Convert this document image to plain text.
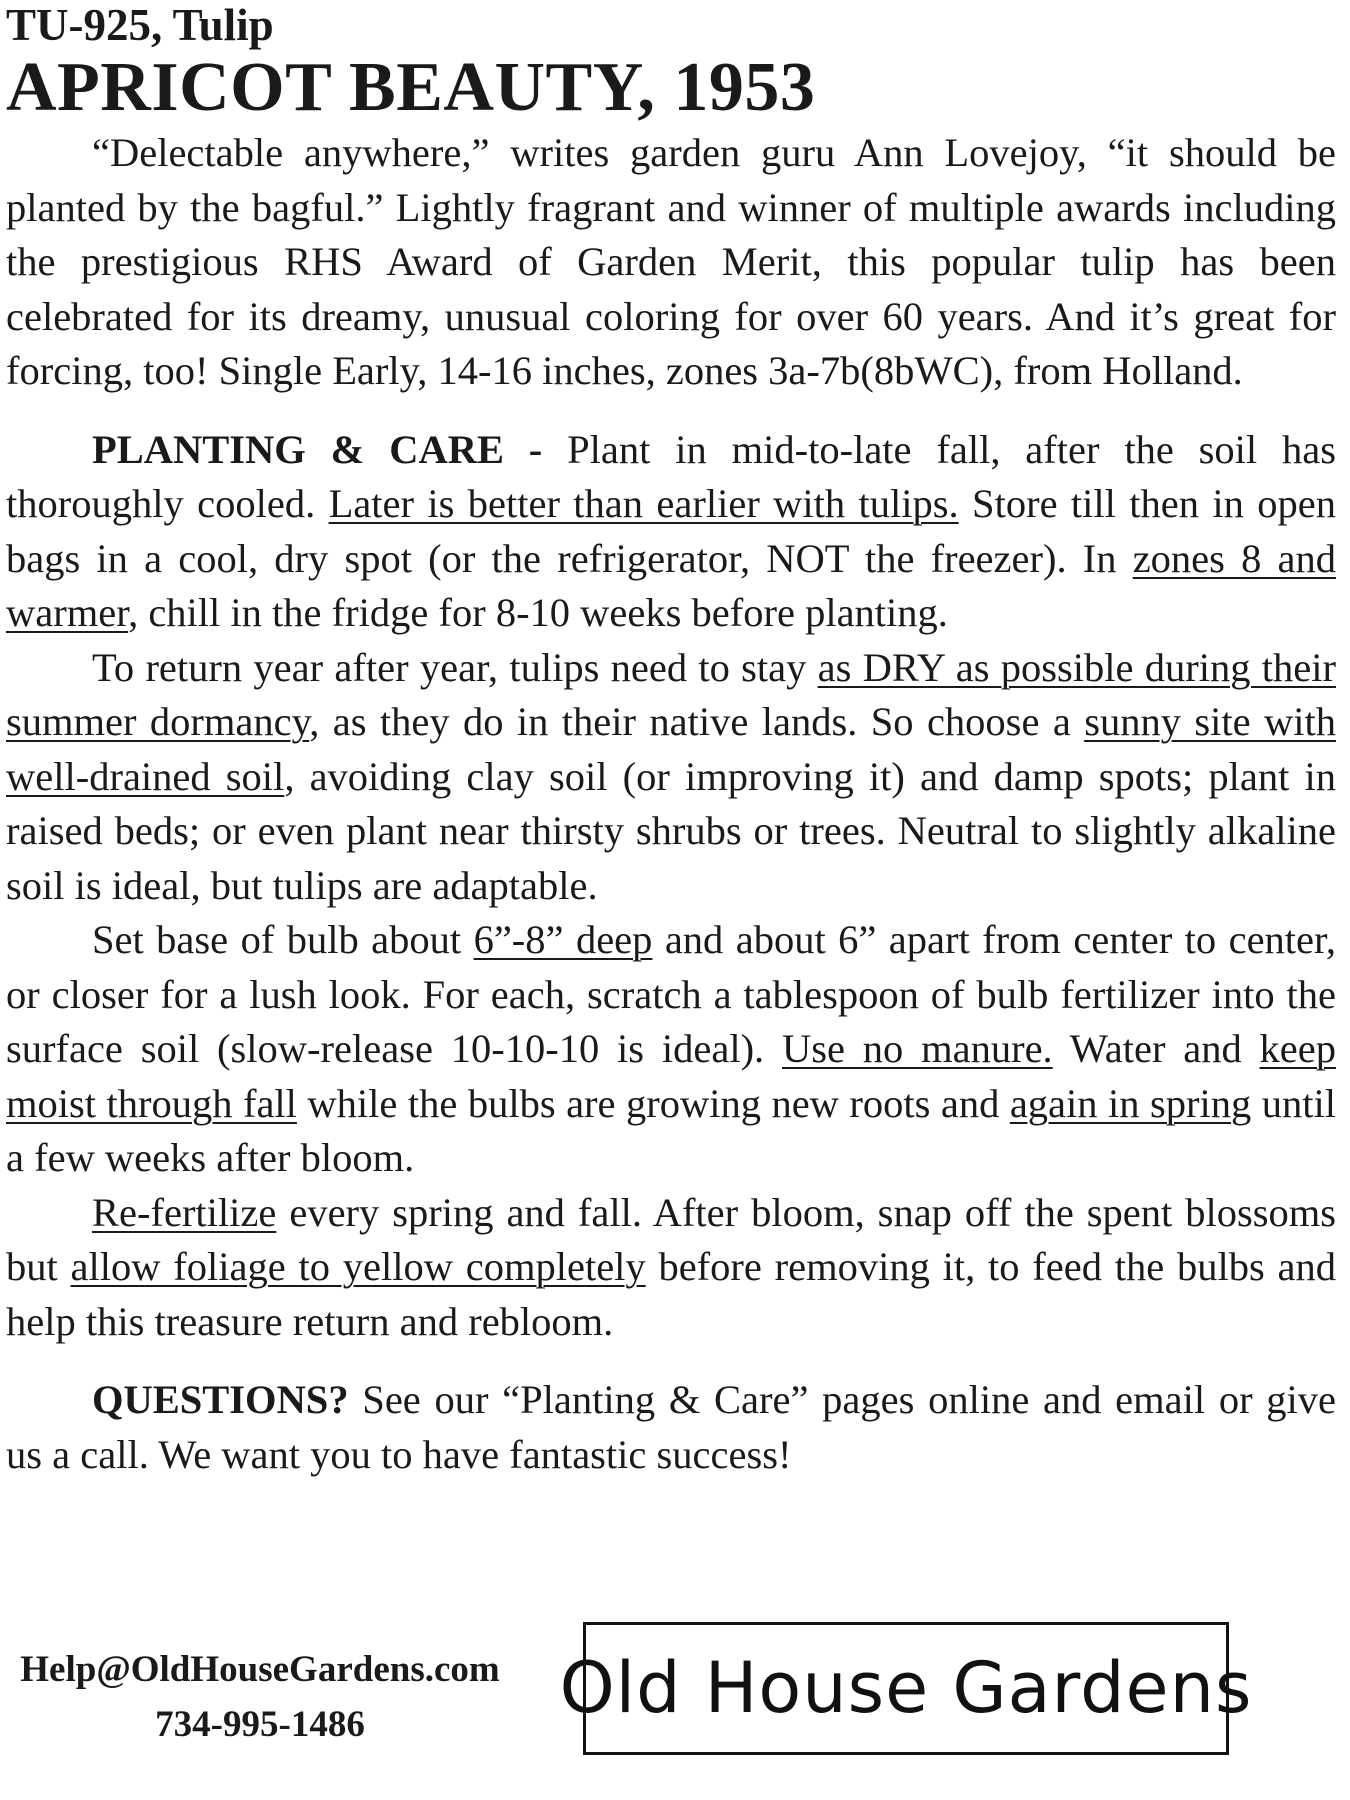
TU-925, Tulip

APRICOT BEAUTY, 1953

“Delectable anywhere,” writes garden guru Ann Lovejoy, “it should be planted by the bagful.” Lightly fragrant and winner of multiple awards including the prestigious RHS Award of Garden Merit, this popular tulip has been celebrated for its dreamy, unusual coloring for over 60 years. And it’s great for forcing, too! Single Early, 14-16 inches, zones 3a-7b(8bWC), from Holland.

PLANTING & CARE - Plant in mid-to-late fall, after the soil has thoroughly cooled. Later is better than earlier with tulips. Store till then in open bags in a cool, dry spot (or the refrigerator, NOT the freezer). In zones 8 and warmer, chill in the fridge for 8-10 weeks before planting.

To return year after year, tulips need to stay as DRY as possible during their summer dormancy, as they do in their native lands. So choose a sunny site with well-drained soil, avoiding clay soil (or improving it) and damp spots; plant in raised beds; or even plant near thirsty shrubs or trees. Neutral to slightly alkaline soil is ideal, but tulips are adaptable.

Set base of bulb about 6”-8” deep and about 6” apart from center to center, or closer for a lush look. For each, scratch a tablespoon of bulb fertilizer into the surface soil (slow-release 10-10-10 is ideal). Use no manure. Water and keep moist through fall while the bulbs are growing new roots and again in spring until a few weeks after bloom.

Re-fertilize every spring and fall. After bloom, snap off the spent blossoms but allow foliage to yellow completely before removing it, to feed the bulbs and help this treasure return and rebloom.

QUESTIONS? See our “Planting & Care” pages online and email or give us a call. We want you to have fantastic success!

Help@OldHouseGardens.com
734-995-1486	Old House Gardens
